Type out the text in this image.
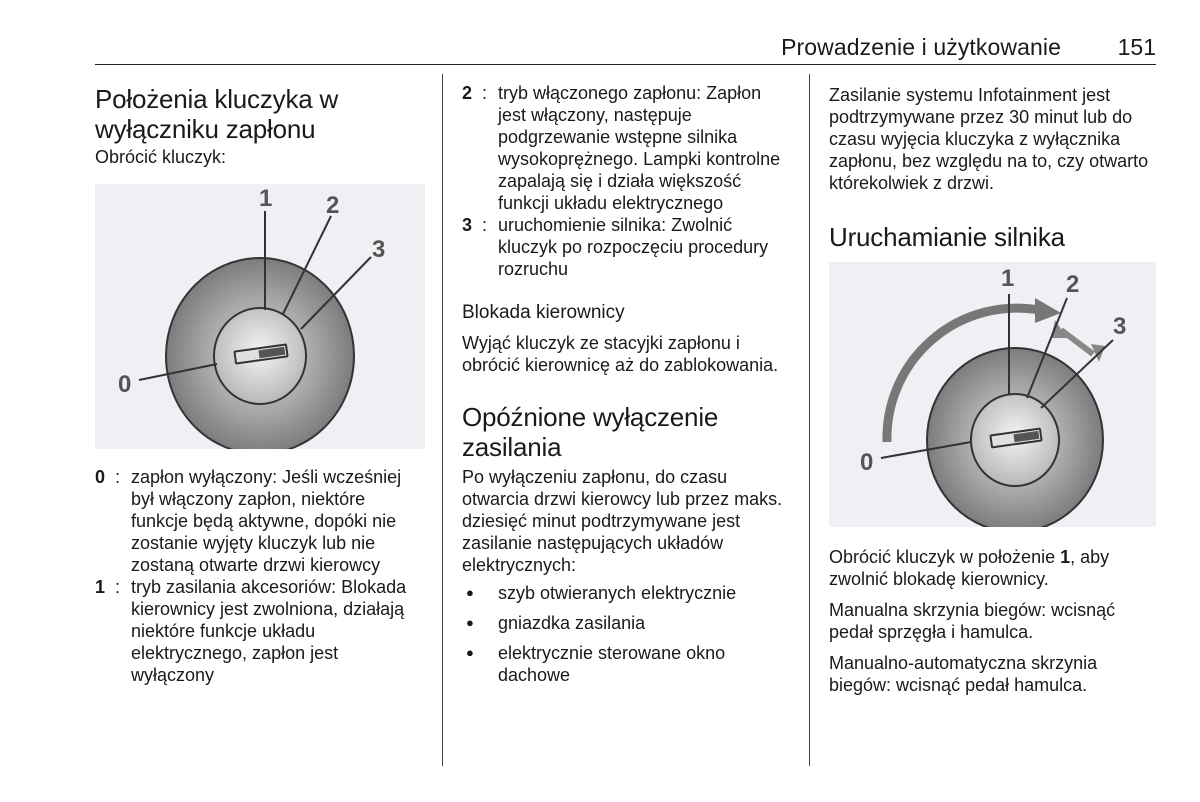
Prowadzenie i użytkowanie 151
Położenia kluczyka w wyłączniku zapłonu

Obrócić kluczyk:

1 2
3
0
0 : zapłon wyłączony: Jeśli wcześniej był włączony zapłon, niektóre funkcje będą aktywne, dopóki nie zostanie wyjęty kluczyk lub nie zostaną otwarte drzwi kierowcy
1 : tryb zasilania akcesoriów: Blokada kierownicy jest zwolniona, działają niektóre funkcje układu elektrycznego, zapłon jest wyłączony
2 : tryb włączonego zapłonu: Zapłon jest włączony, następuje podgrzewanie wstępne silnika wysokoprężnego. Lampki kontrolne zapalają się i działa większość funkcji układu elektrycznego
3 : uruchomienie silnika: Zwolnić kluczyk po rozpoczęciu procedury rozruchu
Blokada kierownicy

Wyjąć kluczyk ze stacyjki zapłonu i obrócić kierownicę aż do zablokowania.

Opóźnione wyłączenie zasilania

Po wyłączeniu zapłonu, do czasu otwarcia drzwi kierowcy lub przez maks. dziesięć minut podtrzymywane jest zasilanie następujących układów elektrycznych:

● szyb otwieranych elektrycznie
● gniazdka zasilania
● elektrycznie sterowane okno dachowe

Zasilanie systemu Infotainment jest podtrzymywane przez 30 minut lub do czasu wyjęcia kluczyka z wyłącznika zapłonu, bez względu na to, czy otwarto którekolwiek z drzwi.

Uruchamianie silnika
1 2
3
0

Obrócić kluczyk w położenie 1, aby zwolnić blokadę kierownicy.

Manualna skrzynia biegów: wcisnąć pedał sprzęgła i hamulca.

Manualno-automatyczna skrzynia biegów: wcisnąć pedał hamulca.
